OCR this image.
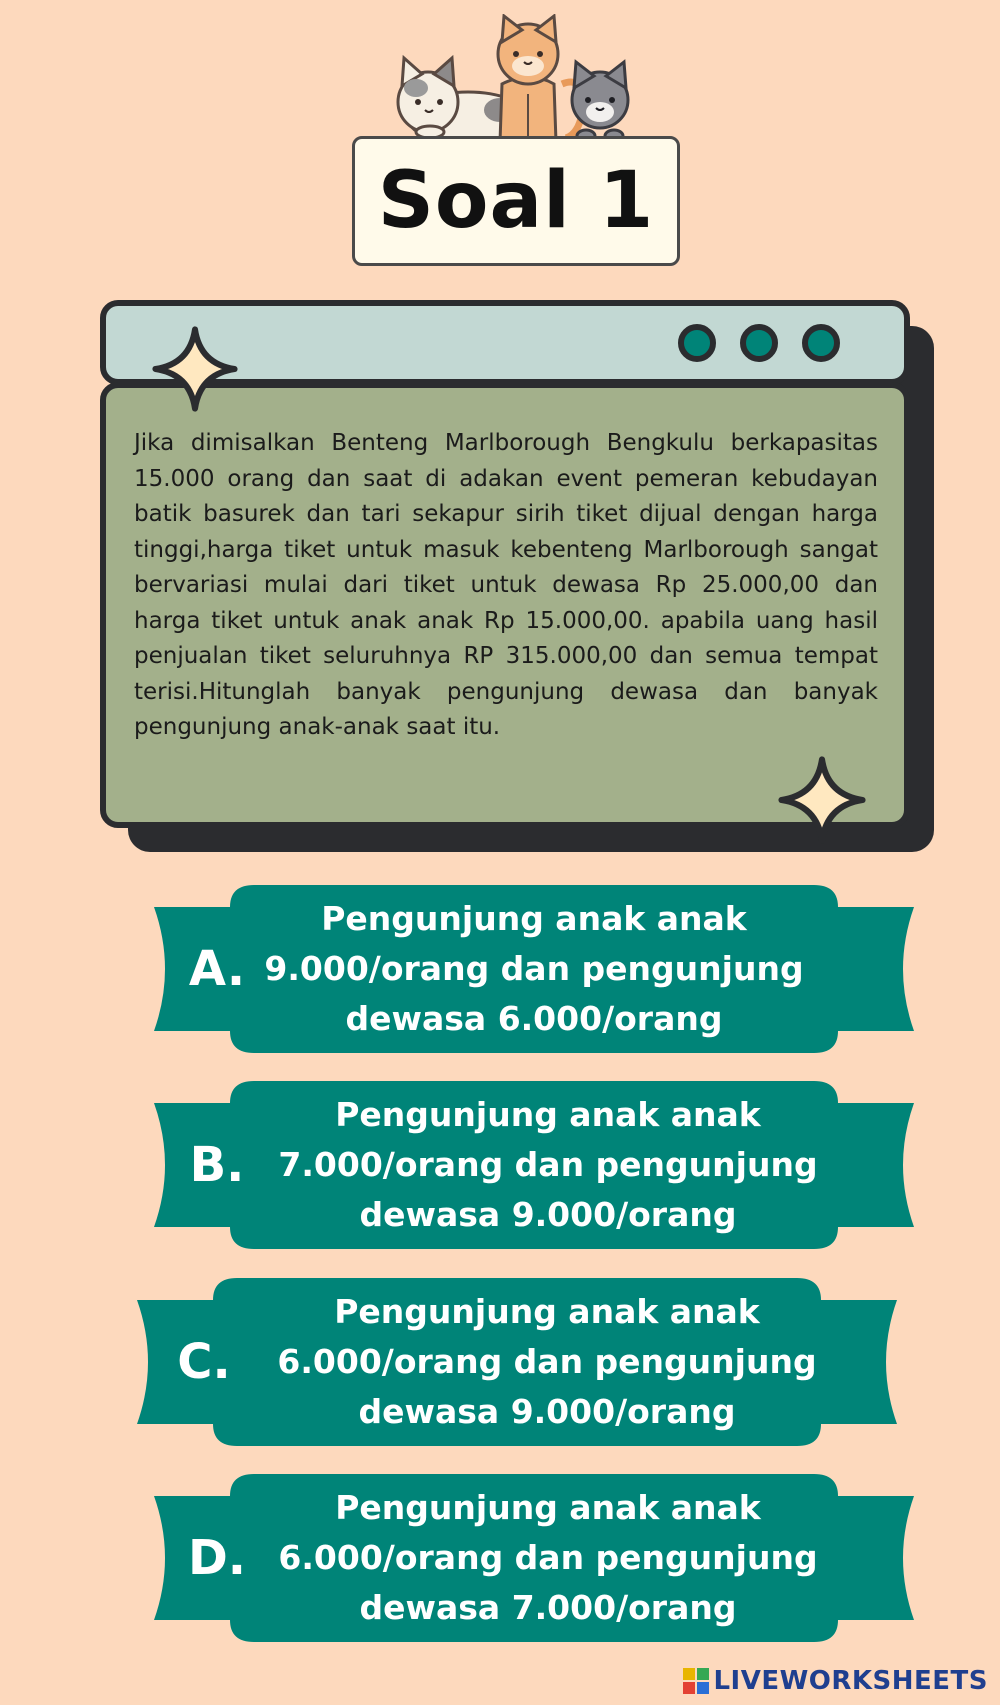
Soal 1

Jika dimisalkan Benteng Marlborough Bengkulu berkapasitas 15.000 orang dan saat di adakan event pemeran kebudayan batik basurek dan tari sekapur sirih tiket dijual dengan harga tinggi,harga tiket untuk masuk kebenteng Marlborough sangat bervariasi mulai dari tiket untuk dewasa Rp 25.000,00 dan harga tiket untuk anak anak Rp 15.000,00. apabila uang hasil penjualan tiket seluruhnya RP 315.000,00 dan semua tempat terisi.Hitunglah banyak pengunjung dewasa dan banyak pengunjung anak-anak saat itu.

A.
Pengunjung anak anak 9.000/orang dan pengunjung dewasa 6.000/orang
B.
Pengunjung anak anak 7.000/orang dan pengunjung dewasa 9.000/orang
C.
Pengunjung anak anak 6.000/orang dan pengunjung dewasa 9.000/orang
D.
Pengunjung anak anak 6.000/orang dan pengunjung dewasa 7.000/orang
LIVEWORKSHEETS
